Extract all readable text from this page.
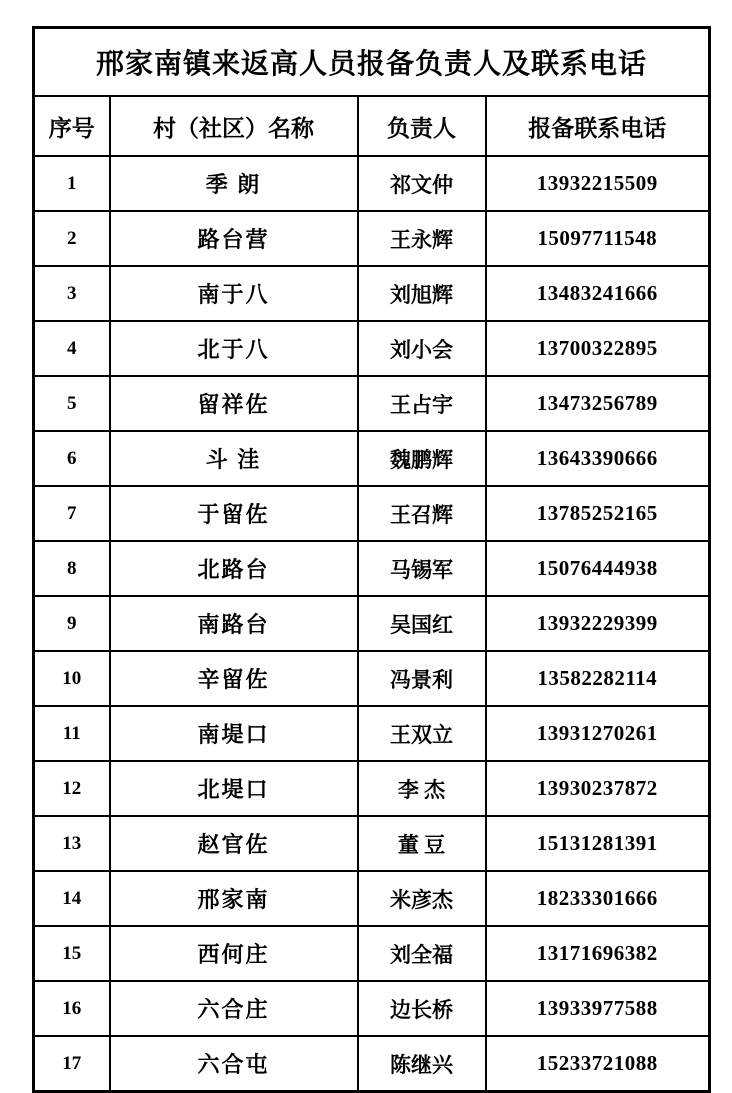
邢家南镇来返高人员报备负责人及联系电话			
序号	村（社区）名称	负责人	报备联系电话
1	季 朗	祁文仲	13932215509
2	路台营	王永辉	15097711548
3	南于八	刘旭辉	13483241666
4	北于八	刘小会	13700322895
5	留祥佐	王占宇	13473256789
6	斗 洼	魏鹏辉	13643390666
7	于留佐	王召辉	13785252165
8	北路台	马锡军	15076444938
9	南路台	吴国红	13932229399
10	辛留佐	冯景利	13582282114
11	南堤口	王双立	13931270261
12	北堤口	李 杰	13930237872
13	赵官佐	董 豆	15131281391
14	邢家南	米彦杰	18233301666
15	西何庄	刘全福	13171696382
16	六合庄	边长桥	13933977588
17	六合屯	陈继兴	15233721088
